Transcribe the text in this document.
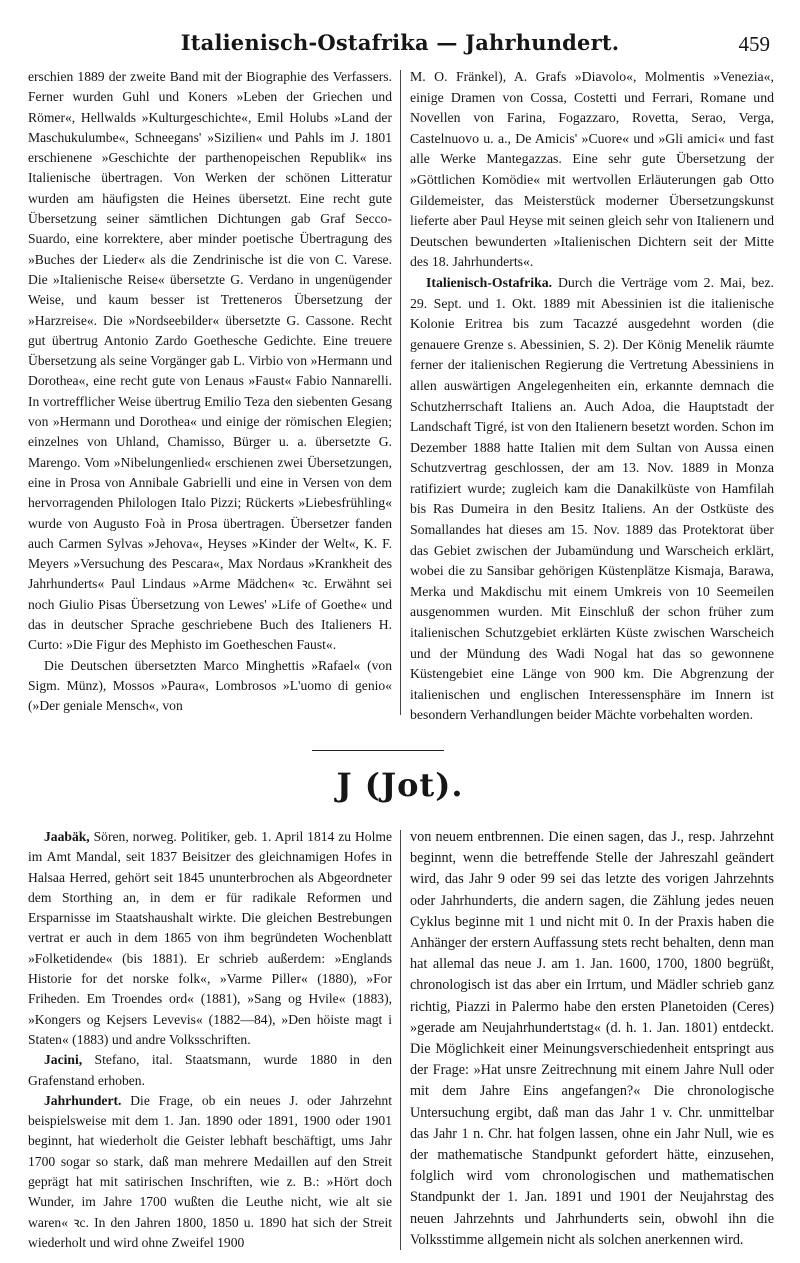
Italienisch-Ostafrika — Jahrhundert.	459

erschien 1889 der zweite Band mit der Biographie des Verfassers. Ferner wurden Guhl und Koners »Leben der Griechen und Römer«, Hellwalds »Kulturgeschichte«, Emil Holubs »Land der Maschukulumbe«, Schneegans' »Sizilien« und Pahls im J. 1801 erschienene »Geschichte der parthenopeischen Republik« ins Italienische übertragen. Von Werken der schönen Litteratur wurden am häufigsten die Heines übersetzt. Eine recht gute Übersetzung seiner sämtlichen Dichtungen gab Graf Secco-Suardo, eine korrektere, aber minder poetische Übertragung des »Buches der Lieder« als die Zendrinische ist die von C. Varese. Die »Italienische Reise« übersetzte G. Verdano in ungenügender Weise, und kaum besser ist Tretteneros Übersetzung der »Harzreise«. Die »Nordseebilder« übersetzte G. Cassone. Recht gut übertrug Antonio Zardo Goethesche Gedichte. Eine treuere Übersetzung als seine Vorgänger gab L. Virbio von »Hermann und Dorothea«, eine recht gute von Lenaus »Faust« Fabio Nannarelli. In vortrefflicher Weise übertrug Emilio Teza den siebenten Gesang von »Hermann und Dorothea« und einige der römischen Elegien; einzelnes von Uhland, Chamisso, Bürger u. a. übersetzte G. Marengo. Vom »Nibelungenlied« erschienen zwei Übersetzungen, eine in Prosa von Annibale Gabrielli und eine in Versen von dem hervorragenden Philologen Italo Pizzi; Rückerts »Liebesfrühling« wurde von Augusto Foà in Prosa übertragen. Übersetzer fanden auch Carmen Sylvas »Jehova«, Heyses »Kinder der Welt«, K. F. Meyers »Versuchung des Pescara«, Max Nordaus »Krankheit des Jahrhunderts« Paul Lindaus »Arme Mädchen« ꝛc. Erwähnt sei noch Giulio Pisas Übersetzung von Lewes' »Life of Goethe« und das in deutscher Sprache geschriebene Buch des Italieners H. Curto: »Die Figur des Mephisto im Goetheschen Faust«.

Die Deutschen übersetzten Marco Minghettis »Rafael« (von Sigm. Münz), Mossos »Paura«, Lombrosos »L'uomo di genio« (»Der geniale Mensch«, von

M. O. Fränkel), A. Grafs »Diavolo«, Molmentis »Venezia«, einige Dramen von Cossa, Costetti und Ferrari, Romane und Novellen von Farina, Fogazzaro, Rovetta, Serao, Verga, Castelnuovo u. a., De Amicis' »Cuore« und »Gli amici« und fast alle Werke Mantegazzas. Eine sehr gute Übersetzung der »Göttlichen Komödie« mit wertvollen Erläuterungen gab Otto Gildemeister, das Meisterstück moderner Übersetzungskunst lieferte aber Paul Heyse mit seinen gleich sehr von Italienern und Deutschen bewunderten »Italienischen Dichtern seit der Mitte des 18. Jahrhunderts«.

Italienisch-Ostafrika. Durch die Verträge vom 2. Mai, bez. 29. Sept. und 1. Okt. 1889 mit Abessinien ist die italienische Kolonie Eritrea bis zum Tacazzé ausgedehnt worden (die genauere Grenze s. Abessinien, S. 2). Der König Menelik räumte ferner der italienischen Regierung die Vertretung Abessiniens in allen auswärtigen Angelegenheiten ein, erkannte demnach die Schutzherrschaft Italiens an. Auch Adoa, die Hauptstadt der Landschaft Tigré, ist von den Italienern besetzt worden. Schon im Dezember 1888 hatte Italien mit dem Sultan von Aussa einen Schutzvertrag geschlossen, der am 13. Nov. 1889 in Monza ratifiziert wurde; zugleich kam die Danakilküste von Hamfilah bis Ras Dumeira in den Besitz Italiens. An der Ostküste des Somallandes hat dieses am 15. Nov. 1889 das Protektorat über das Gebiet zwischen der Jubamündung und Warscheich erklärt, wobei die zu Sansibar gehörigen Küstenplätze Kismaja, Barawa, Merka und Makdischu mit einem Umkreis von 10 Seemeilen ausgenommen wurden. Mit Einschluß der schon früher zum italienischen Schutzgebiet erklärten Küste zwischen Warscheich und der Mündung des Wadi Nogal hat das so gewonnene Küstengebiet eine Länge von 900 km. Die Abgrenzung der italienischen und englischen Interessensphäre im Innern ist besondern Verhandlungen beider Mächte vorbehalten worden.

J (Jot).

Jaabäk, Sören, norweg. Politiker, geb. 1. April 1814 zu Holme im Amt Mandal, seit 1837 Beisitzer des gleichnamigen Hofes in Halsaa Herred, gehört seit 1845 ununterbrochen als Abgeordneter dem Storthing an, in dem er für radikale Reformen und Ersparnisse im Staatshaushalt wirkte. Die gleichen Bestrebungen vertrat er auch in dem 1865 von ihm begründeten Wochenblatt »Folketidende« (bis 1881). Er schrieb außerdem: »Englands Historie for det norske folk«, »Varme Piller« (1880), »For Friheden. Em Troendes ord« (1881), »Sang og Hvile« (1883), »Kongers og Kejsers Levevis« (1882—84), »Den höiste magt i Staten« (1883) und andre Volksschriften.

Jacini, Stefano, ital. Staatsmann, wurde 1880 in den Grafenstand erhoben.

Jahrhundert. Die Frage, ob ein neues J. oder Jahrzehnt beispielsweise mit dem 1. Jan. 1890 oder 1891, 1900 oder 1901 beginnt, hat wiederholt die Geister lebhaft beschäftigt, ums Jahr 1700 sogar so stark, daß man mehrere Medaillen auf den Streit geprägt hat mit satirischen Inschriften, wie z. B.: »Hört doch Wunder, im Jahre 1700 wußten die Leuthe nicht, wie alt sie waren« ꝛc. In den Jahren 1800, 1850 u. 1890 hat sich der Streit wiederholt und wird ohne Zweifel 1900

von neuem entbrennen. Die einen sagen, das J., resp. Jahrzehnt beginnt, wenn die betreffende Stelle der Jahreszahl geändert wird, das Jahr 9 oder 99 sei das letzte des vorigen Jahrzehnts oder Jahrhunderts, die andern sagen, die Zählung jedes neuen Cyklus beginne mit 1 und nicht mit 0. In der Praxis haben die Anhänger der erstern Auffassung stets recht behalten, denn man hat allemal das neue J. am 1. Jan. 1600, 1700, 1800 begrüßt, chronologisch ist das aber ein Irrtum, und Mädler schrieb ganz richtig, Piazzi in Palermo habe den ersten Planetoiden (Ceres) »gerade am Neujahrhundertstag« (d. h. 1. Jan. 1801) entdeckt. Die Möglichkeit einer Meinungsverschiedenheit entspringt aus der Frage: »Hat unsre Zeitrechnung mit einem Jahre Null oder mit dem Jahre Eins angefangen?« Die chronologische Untersuchung ergibt, daß man das Jahr 1 v. Chr. unmittelbar das Jahr 1 n. Chr. hat folgen lassen, ohne ein Jahr Null, wie es der mathematische Standpunkt gefordert hätte, einzusehen, folglich wird vom chronologischen und mathematischen Standpunkt der 1. Jan. 1891 und 1901 der Neujahrstag des neuen Jahrzehnts und Jahrhunderts sein, obwohl ihn die Volksstimme allgemein nicht als solchen anerkennen wird.
